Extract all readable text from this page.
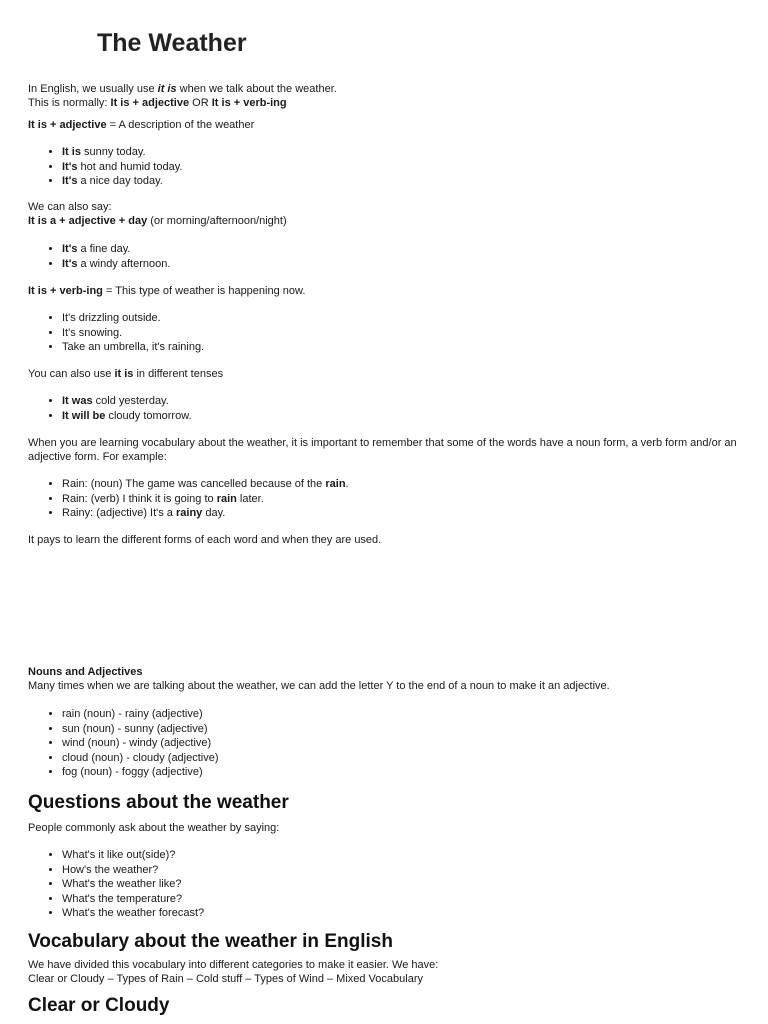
The Weather

In English, we usually use it is when we talk about the weather.

This is normally: It is + adjective OR It is + verb-ing

It is + adjective = A description of the weather

• It is sunny today.
• It's hot and humid today.
• It's a nice day today.

We can also say:

It is a + adjective + day (or morning/afternoon/night)

• It's a fine day.
• It's a windy afternoon.

It is + verb-ing = This type of weather is happening now.

• It's drizzling outside.
• It's snowing.
• Take an umbrella, it's raining.

You can also use it is in different tenses

• It was cold yesterday.
• It will be cloudy tomorrow.

When you are learning vocabulary about the weather, it is important to remember that some of the words have a noun form, a verb form and/or an adjective form. For example:

• Rain: (noun) The game was cancelled because of the rain.
• Rain: (verb) I think it is going to rain later.
• Rainy: (adjective) It's a rainy day.

It pays to learn the different forms of each word and when they are used.

Nouns and Adjectives

Many times when we are talking about the weather, we can add the letter Y to the end of a noun to make it an adjective.

• rain (noun) - rainy (adjective)
• sun (noun) - sunny (adjective)
• wind (noun) - windy (adjective)
• cloud (noun) - cloudy (adjective)
• fog (noun) - foggy (adjective)
Questions about the weather

People commonly ask about the weather by saying:

• What's it like out(side)?
• How's the weather?
• What's the weather like?
• What's the temperature?
• What's the weather forecast?
Vocabulary about the weather in English

We have divided this vocabulary into different categories to make it easier. We have:

Clear or Cloudy – Types of Rain – Cold stuff – Types of Wind – Mixed Vocabulary

Clear or Cloudy
